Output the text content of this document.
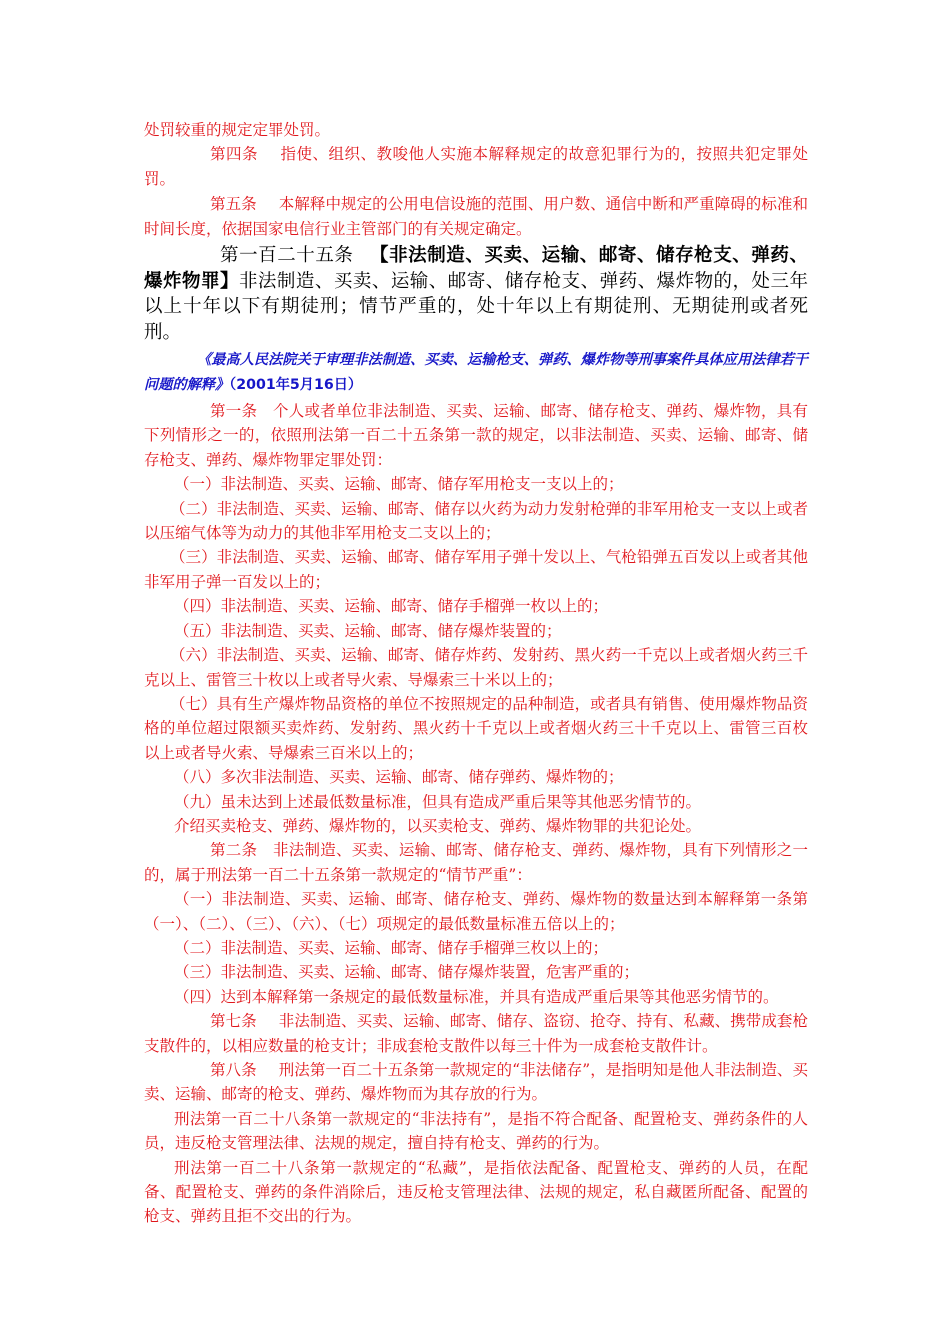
处罚较重的规定定罪处罚。

第四条 指使、组织、教唆他人实施本解释规定的故意犯罪行为的，按照共犯定罪处罚。

第五条 本解释中规定的公用电信设施的范围、用户数、通信中断和严重障碍的标准和时间长度，依据国家电信行业主管部门的有关规定确定。

第一百二十五条 【非法制造、买卖、运输、邮寄、储存枪支、弹药、爆炸物罪】非法制造、买卖、运输、邮寄、储存枪支、弹药、爆炸物的，处三年以上十年以下有期徒刑；情节严重的，处十年以上有期徒刑、无期徒刑或者死刑。

《最高人民法院关于审理非法制造、买卖、运输枪支、弹药、爆炸物等刑事案件具体应用法律若干问题的解释》（2001年5月16日）

第一条　个人或者单位非法制造、买卖、运输、邮寄、储存枪支、弹药、爆炸物，具有下列情形之一的，依照刑法第一百二十五条第一款的规定，以非法制造、买卖、运输、邮寄、储存枪支、弹药、爆炸物罪定罪处罚：

（一）非法制造、买卖、运输、邮寄、储存军用枪支一支以上的；

（二）非法制造、买卖、运输、邮寄、储存以火药为动力发射枪弹的非军用枪支一支以上或者以压缩气体等为动力的其他非军用枪支二支以上的；

（三）非法制造、买卖、运输、邮寄、储存军用子弹十发以上、气枪铅弹五百发以上或者其他非军用子弹一百发以上的；

（四）非法制造、买卖、运输、邮寄、储存手榴弹一枚以上的；

（五）非法制造、买卖、运输、邮寄、储存爆炸装置的；

（六）非法制造、买卖、运输、邮寄、储存炸药、发射药、黑火药一千克以上或者烟火药三千克以上、雷管三十枚以上或者导火索、导爆索三十米以上的；

（七）具有生产爆炸物品资格的单位不按照规定的品种制造，或者具有销售、使用爆炸物品资格的单位超过限额买卖炸药、发射药、黑火药十千克以上或者烟火药三十千克以上、雷管三百枚以上或者导火索、导爆索三百米以上的；

（八）多次非法制造、买卖、运输、邮寄、储存弹药、爆炸物的；

（九）虽未达到上述最低数量标准，但具有造成严重后果等其他恶劣情节的。

介绍买卖枪支、弹药、爆炸物的，以买卖枪支、弹药、爆炸物罪的共犯论处。

第二条　非法制造、买卖、运输、邮寄、储存枪支、弹药、爆炸物，具有下列情形之一的，属于刑法第一百二十五条第一款规定的“情节严重”：

（一）非法制造、买卖、运输、邮寄、储存枪支、弹药、爆炸物的数量达到本解释第一条第（一）、（二）、（三）、（六）、（七）项规定的最低数量标准五倍以上的；

（二）非法制造、买卖、运输、邮寄、储存手榴弹三枚以上的；

（三）非法制造、买卖、运输、邮寄、储存爆炸装置，危害严重的；

（四）达到本解释第一条规定的最低数量标准，并具有造成严重后果等其他恶劣情节的。

第七条 非法制造、买卖、运输、邮寄、储存、盗窃、抢夺、持有、私藏、携带成套枪支散件的，以相应数量的枪支计；非成套枪支散件以每三十件为一成套枪支散件计。

第八条 刑法第一百二十五条第一款规定的“非法储存”，是指明知是他人非法制造、买卖、运输、邮寄的枪支、弹药、爆炸物而为其存放的行为。

刑法第一百二十八条第一款规定的“非法持有”，是指不符合配备、配置枪支、弹药条件的人员，违反枪支管理法律、法规的规定，擅自持有枪支、弹药的行为。

刑法第一百二十八条第一款规定的“私藏”，是指依法配备、配置枪支、弹药的人员，在配备、配置枪支、弹药的条件消除后，违反枪支管理法律、法规的规定，私自藏匿所配备、配置的枪支、弹药且拒不交出的行为。
